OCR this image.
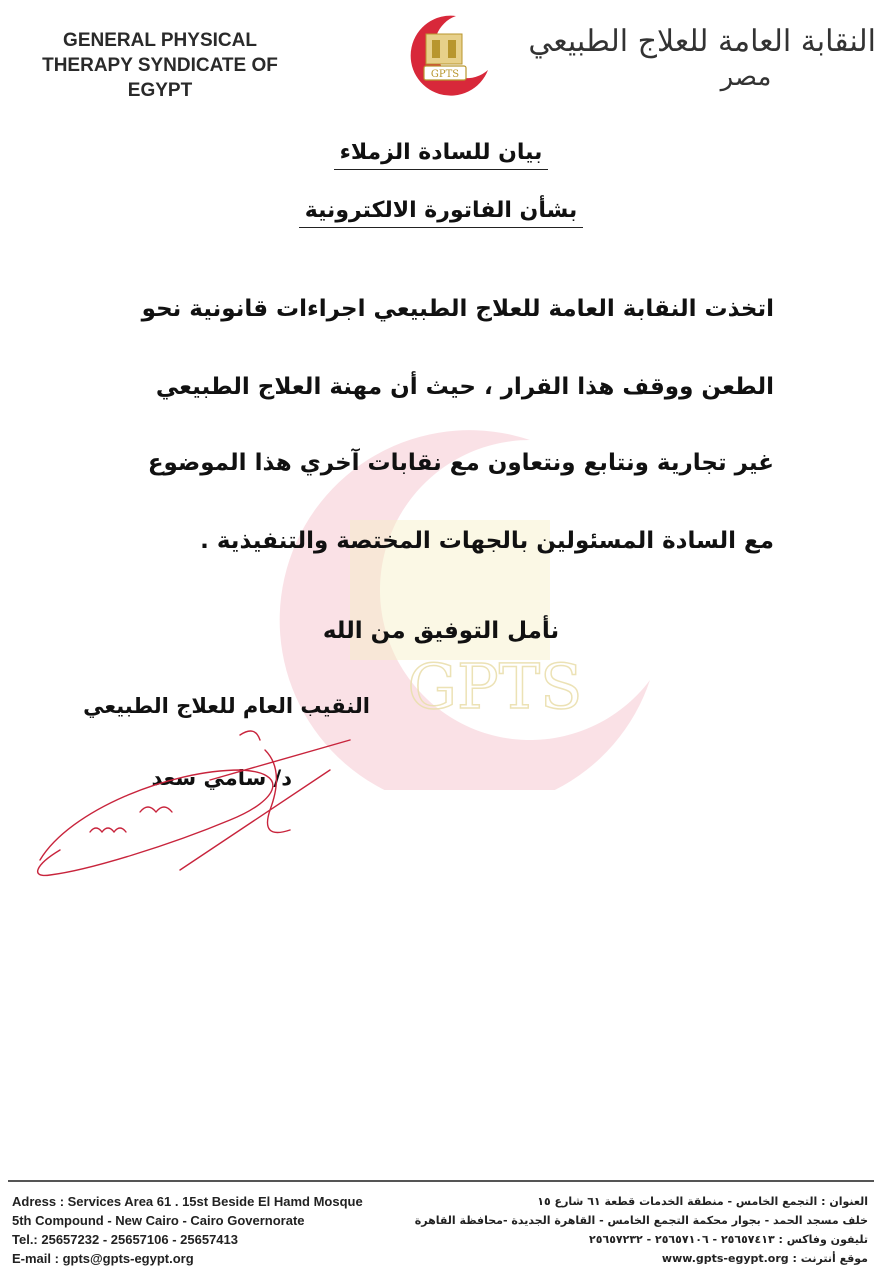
GENERAL PHYSICAL
THERAPY SYNDICATE OF
EGYPT
GPTS
النقابة العامة للعلاج الطبيعي
مصر
GPTS
بيان للسادة الزملاء
بشأن الفاتورة الالكترونية
اتخذت النقابة العامة للعلاج الطبيعي اجراءات قانونية نحو
الطعن ووقف هذا القرار ، حيث أن مهنة العلاج الطبيعي
غير تجارية ونتابع ونتعاون مع نقابات آخري هذا الموضوع
مع السادة المسئولين بالجهات المختصة والتنفيذية .
نأمل التوفيق من الله
النقيب العام للعلاج الطبيعي
د/ سامي سعد
Adress : Services Area 61 . 15st Beside El Hamd Mosque
5th Compound - New Cairo - Cairo Governorate
Tel.: 25657232 - 25657106 - 25657413
E-mail : gpts@gpts-egypt.org
العنوان : التجمع الخامس - منطقة الخدمات قطعة ٦١ شارع ١٥
خلف مسجد الحمد - بجوار محكمة التجمع الخامس - القاهرة الجديدة -محافظة القاهرة
تليفون وفاكس : ٢٥٦٥٧٤١٣ - ٢٥٦٥٧١٠٦ - ٢٥٦٥٧٢٣٢
موقع أنترنت : www.gpts-egypt.org
